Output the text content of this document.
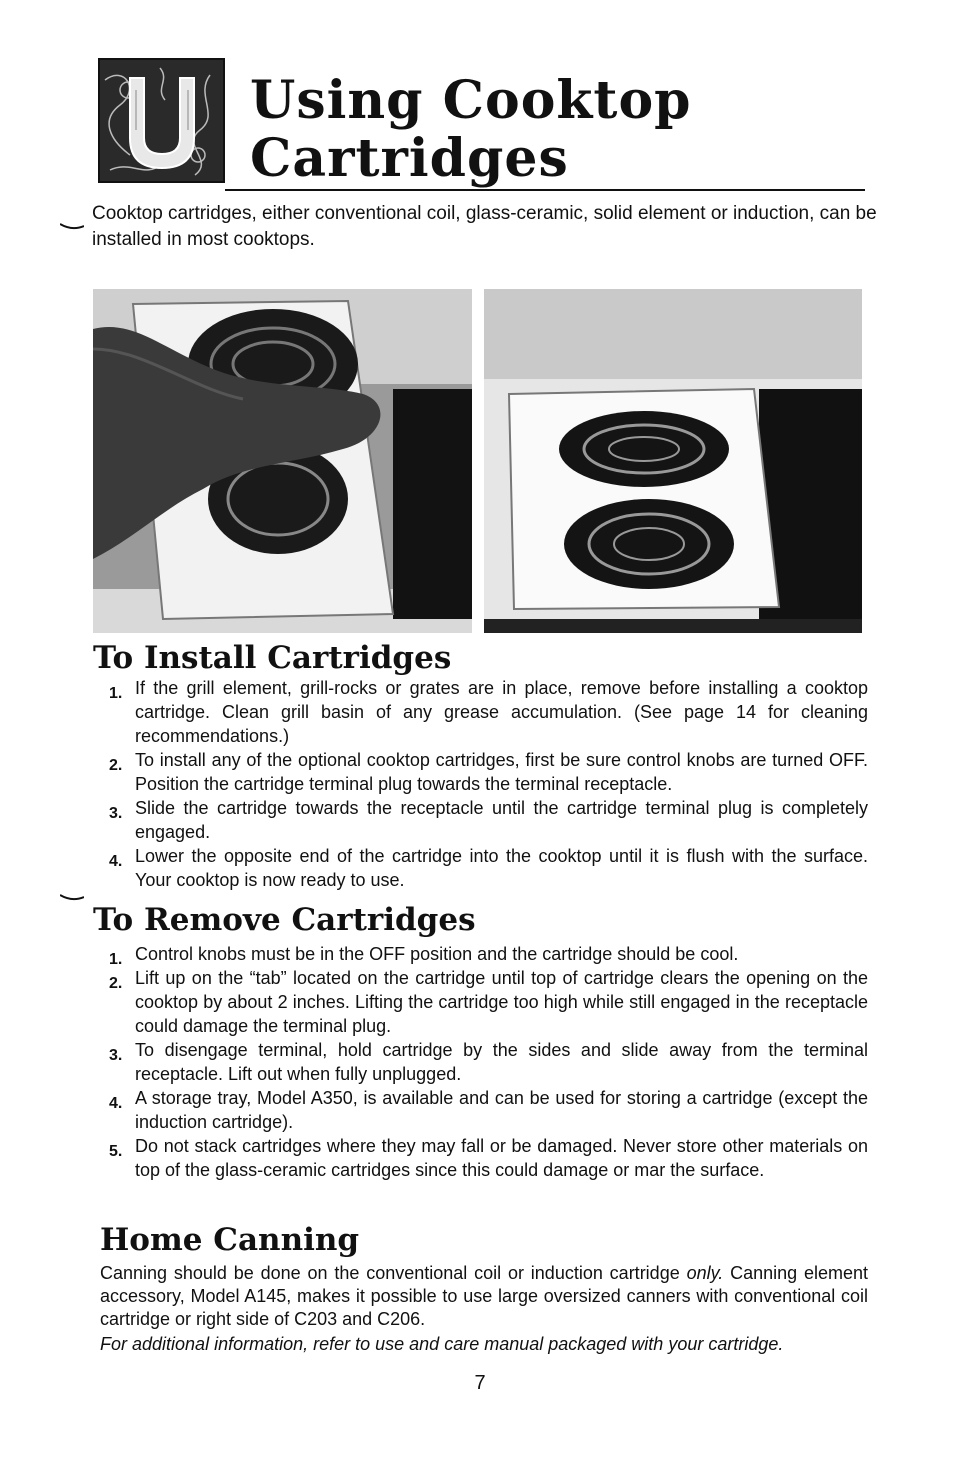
Using Cooktop
Cartridges

Cooktop cartridges, either conventional coil, glass-ceramic, solid element or induction, can be installed in most cooktops.

To Install Cartridges
1. If the grill element, grill-rocks or grates are in place, remove before installing a cooktop cartridge. Clean grill basin of any grease accumulation. (See page 14 for cleaning recommendations.)
2. To install any of the optional cooktop cartridges, first be sure control knobs are turned OFF. Position the cartridge terminal plug towards the terminal receptacle.
3. Slide the cartridge towards the receptacle until the cartridge terminal plug is completely engaged.
4. Lower the opposite end of the cartridge into the cooktop until it is flush with the surface. Your cooktop is now ready to use.
To Remove Cartridges
1. Control knobs must be in the OFF position and the cartridge should be cool.
2. Lift up on the “tab” located on the cartridge until top of cartridge clears the opening on the cooktop by about 2 inches. Lifting the cartridge too high while still engaged in the receptacle could damage the terminal plug.
3. To disengage terminal, hold cartridge by the sides and slide away from the terminal receptacle. Lift out when fully unplugged.
4. A storage tray, Model A350, is available and can be used for storing a cartridge (except the induction cartridge).
5. Do not stack cartridges where they may fall or be damaged. Never store other materials on top of the glass-ceramic cartridges since this could damage or mar the surface.
Home Canning

Canning should be done on the conventional coil or induction cartridge only. Canning element accessory, Model A145, makes it possible to use large oversized canners with conventional coil cartridge or right side of C203 and C206.

For additional information, refer to use and care manual packaged with your cartridge.

7
